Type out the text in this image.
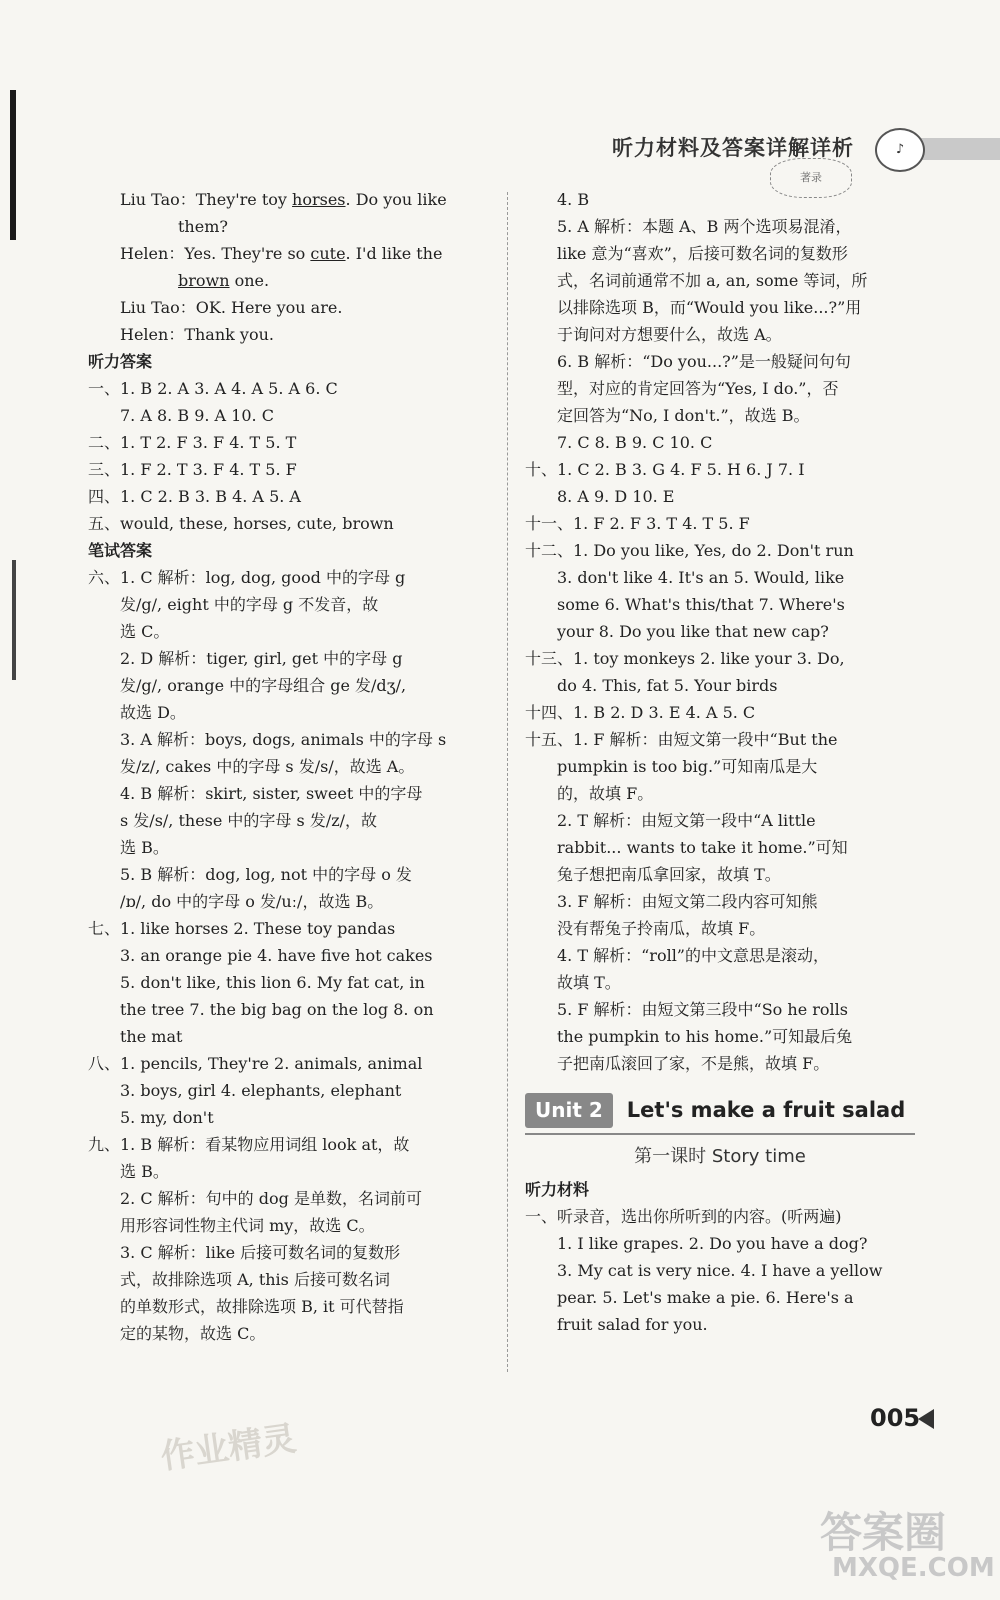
听力材料及答案详解详析	♪
著录
Liu Tao：They're toy horses. Do you like
them?
Helen：Yes. They're so cute. I'd like the
brown one.
Liu Tao：OK. Here you are.
Helen：Thank you.
听力答案
一、1. B 2. A 3. A 4. A 5. A 6. C
7. A 8. B 9. A 10. C
二、1. T 2. F 3. F 4. T 5. T
三、1. F 2. T 3. F 4. T 5. F
四、1. C 2. B 3. B 4. A 5. A
五、would, these, horses, cute, brown
笔试答案
六、1. C 解析：log, dog, good 中的字母 g
发/g/, eight 中的字母 g 不发音，故
选 C。
2. D 解析：tiger, girl, get 中的字母 g
发/g/, orange 中的字母组合 ge 发/dʒ/,
故选 D。
3. A 解析：boys, dogs, animals 中的字母 s
发/z/, cakes 中的字母 s 发/s/，故选 A。
4. B 解析：skirt, sister, sweet 中的字母
s 发/s/, these 中的字母 s 发/z/，故
选 B。
5. B 解析：dog, log, not 中的字母 o 发
/ɒ/, do 中的字母 o 发/uː/，故选 B。
七、1. like horses 2. These toy pandas
3. an orange pie 4. have five hot cakes
5. don't like, this lion 6. My fat cat, in
the tree 7. the big bag on the log 8. on
the mat
八、1. pencils, They're 2. animals, animal
3. boys, girl 4. elephants, elephant
5. my, don't
九、1. B 解析：看某物应用词组 look at，故
选 B。
2. C 解析：句中的 dog 是单数，名词前可
用形容词性物主代词 my，故选 C。
3. C 解析：like 后接可数名词的复数形
式，故排除选项 A, this 后接可数名词
的单数形式，故排除选项 B, it 可代替指
定的某物，故选 C。
4. B
5. A 解析：本题 A、B 两个选项易混淆，
like 意为“喜欢”，后接可数名词的复数形
式，名词前通常不加 a, an, some 等词，所
以排除选项 B，而“Would you like...?”用
于询问对方想要什么，故选 A。
6. B 解析：“Do you...?”是一般疑问句句
型，对应的肯定回答为“Yes, I do.”，否
定回答为“No, I don't.”，故选 B。
7. C 8. B 9. C 10. C
十、1. C 2. B 3. G 4. F 5. H 6. J 7. I
8. A 9. D 10. E
十一、1. F 2. F 3. T 4. T 5. F
十二、1. Do you like, Yes, do 2. Don't run
3. don't like 4. It's an 5. Would, like
some 6. What's this/that 7. Where's
your 8. Do you like that new cap?
十三、1. toy monkeys 2. like your 3. Do,
do 4. This, fat 5. Your birds
十四、1. B 2. D 3. E 4. A 5. C
十五、1. F 解析：由短文第一段中“But the
pumpkin is too big.”可知南瓜是大
的，故填 F。
2. T 解析：由短文第一段中“A little
rabbit... wants to take it home.”可知
兔子想把南瓜拿回家，故填 T。
3. F 解析：由短文第二段内容可知熊
没有帮兔子拎南瓜，故填 F。
4. T 解析：“roll”的中文意思是滚动，
故填 T。
5. F 解析：由短文第三段中“So he rolls
the pumpkin to his home.”可知最后兔
子把南瓜滚回了家，不是熊，故填 F。
Unit 2	Let's make a fruit salad
第一课时 Story time
听力材料
一、听录音，选出你所听到的内容。(听两遍)
1. I like grapes. 2. Do you have a dog?
3. My cat is very nice. 4. I have a yellow
pear. 5. Let's make a pie. 6. Here's a
fruit salad for you.
005
作业精灵
答案圈
MXQE.COM
